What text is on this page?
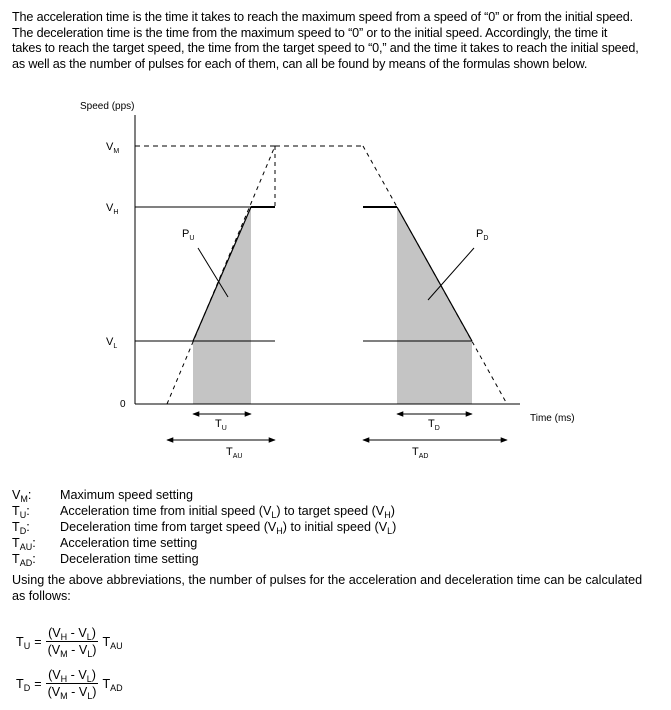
The acceleration time is the time it takes to reach the maximum speed from a speed of “0” or from the initial speed.
The deceleration time is the time from the maximum speed to “0” or to the initial speed. Accordingly, the time it
takes to reach the target speed, the time from the target speed to “0,” and the time it takes to reach the initial speed,
as well as the number of pulses for each of them, can all be found by means of the formulas shown below.
Speed (pps)
Time (ms)
0
$V_M$
$V_H$
$V_L$
$P_U$	$P_D$
$T_U$
$T_{AU}$
$T_D$
$T_{AD}$
$V_M$:	Maximum speed setting
$T_U$:	Acceleration time from initial speed $(V_L)$ to target speed $(V_H)$
$T_D$:	Deceleration time from target speed $(V_H)$ to initial speed $(V_L)$
$T_{AU}$:	Acceleration time setting
$T_{AD}$:	Deceleration time setting
Using the above abbreviations, the number of pulses for the acceleration and deceleration time can be calculated
as follows:
$T_U = \frac{(V_H - V_L)}{(V_M - V_L)} T_{AU}$
$T_D = \frac{(V_H - V_L)}{(V_M - V_L)} T_{AD}$
